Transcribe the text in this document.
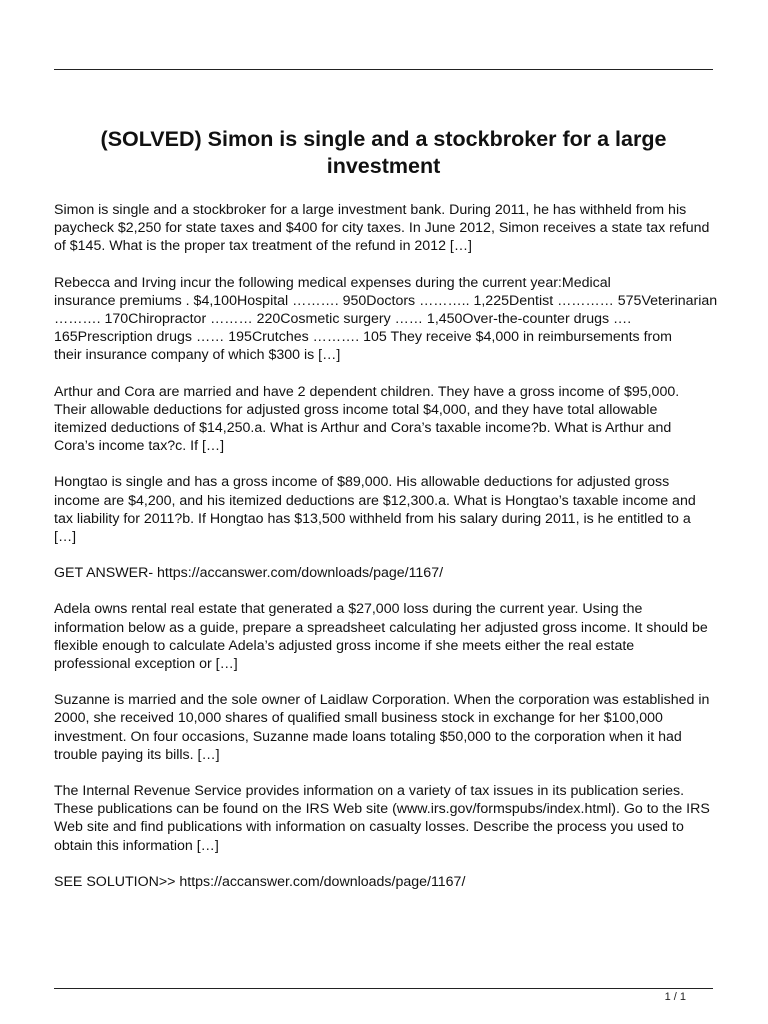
(SOLVED) Simon is single and a stockbroker for a large investment

Simon is single and a stockbroker for a large investment bank. During 2011, he has withheld from his paycheck $2,250 for state taxes and $400 for city taxes. In June 2012, Simon receives a state tax refund of $145. What is the proper tax treatment of the refund in 2012 […]

Rebecca and Irving incur the following medical expenses during the current year:Medical
insurance premiums . $4,100Hospital ………. 950Doctors ……….. 1,225Dentist ………… 575Veterinarian
………. 170Chiropractor ……… 220Cosmetic surgery …… 1,450Over-the-counter drugs ….
165Prescription drugs …… 195Crutches ………. 105 They receive $4,000 in reimbursements from
their insurance company of which $300 is […]

Arthur and Cora are married and have 2 dependent children. They have a gross income of $95,000. Their allowable deductions for adjusted gross income total $4,000, and they have total allowable itemized deductions of $14,250.a. What is Arthur and Cora’s taxable income?b. What is Arthur and Cora’s income tax?c. If […]

Hongtao is single and has a gross income of $89,000. His allowable deductions for adjusted gross income are $4,200, and his itemized deductions are $12,300.a. What is Hongtao’s taxable income and tax liability for 2011?b. If Hongtao has $13,500 withheld from his salary during 2011, is he entitled to a […]

GET ANSWER- https://accanswer.com/downloads/page/1167/

Adela owns rental real estate that generated a $27,000 loss during the current year. Using the information below as a guide, prepare a spreadsheet calculating her adjusted gross income. It should be flexible enough to calculate Adela’s adjusted gross income if she meets either the real estate professional exception or […]

Suzanne is married and the sole owner of Laidlaw Corporation. When the corporation was established in 2000, she received 10,000 shares of qualified small business stock in exchange for her $100,000 investment. On four occasions, Suzanne made loans totaling $50,000 to the corporation when it had trouble paying its bills. […]

The Internal Revenue Service provides information on a variety of tax issues in its publication series. These publications can be found on the IRS Web site (www.irs.gov/formspubs/index.html). Go to the IRS Web site and find publications with information on casualty losses. Describe the process you used to obtain this information […]

SEE SOLUTION>> https://accanswer.com/downloads/page/1167/

1 / 1
